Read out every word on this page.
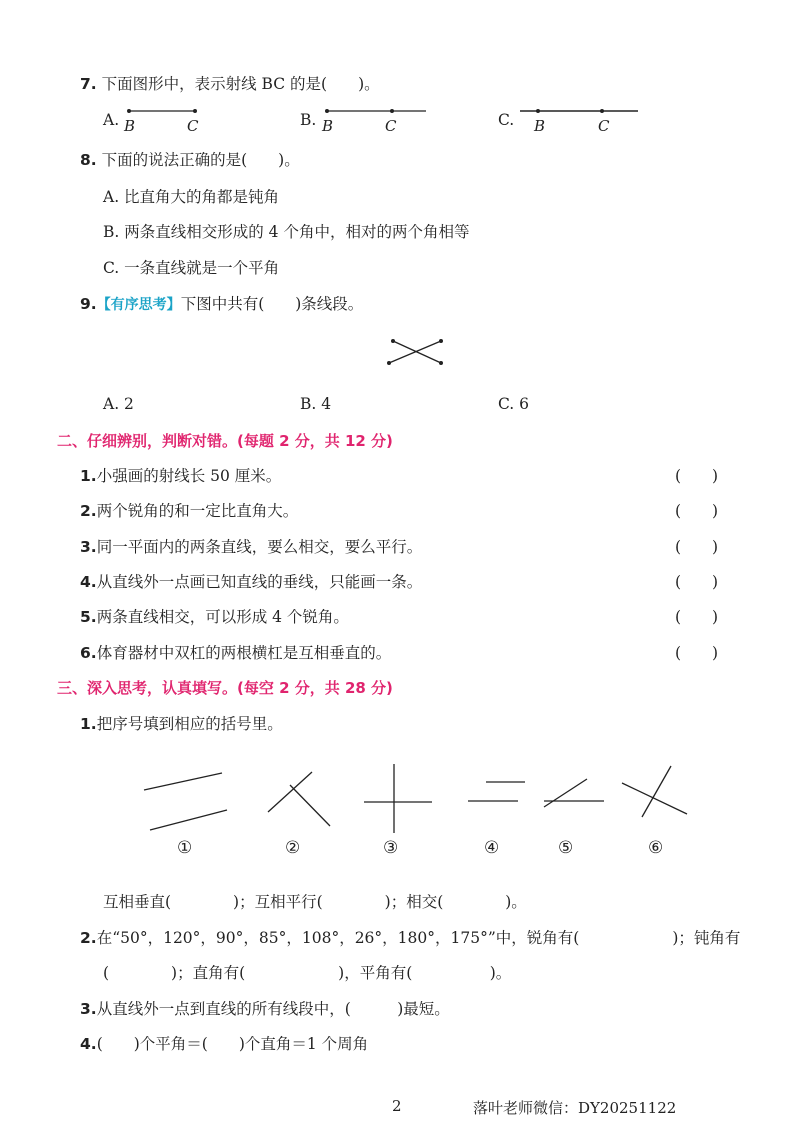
7. 下面图形中，表示射线 BC 的是(　　)。
A. B	C	B. B	C	C. B	C
8. 下面的说法正确的是(　　)。
A. 比直角大的角都是钝角
B. 两条直线相交形成的 4 个角中，相对的两个角相等
C. 一条直线就是一个平角
9.【有序思考】下图中共有(　　)条线段。
A. 2	B. 4	C. 6
二、仔细辨别，判断对错。(每题 2 分，共 12 分)
1.小强画的射线长 50 厘米。	(　　)
2.两个锐角的和一定比直角大。	(　　)
3.同一平面内的两条直线，要么相交，要么平行。	(　　)
4.从直线外一点画已知直线的垂线，只能画一条。	(　　)
5.两条直线相交，可以形成 4 个锐角。	(　　)
6.体育器材中双杠的两根横杠是互相垂直的。	(　　)
三、深入思考，认真填写。(每空 2 分，共 28 分)
1.把序号填到相应的括号里。
①	②	③	④	⑤	⑥
互相垂直(　　　　)；互相平行(　　　　)；相交(　　　　)。
2.在“50°，120°，90°，85°，108°，26°，180°，175°”中，锐角有(　　　　　　)；钝角有
(　　　　)；直角有(　　　　　　)，平角有(　　　　　)。
3.从直线外一点到直线的所有线段中，(　　　)最短。
4.(　　)个平角＝(　　)个直角＝1 个周角
2	落叶老师微信：DY20251122
